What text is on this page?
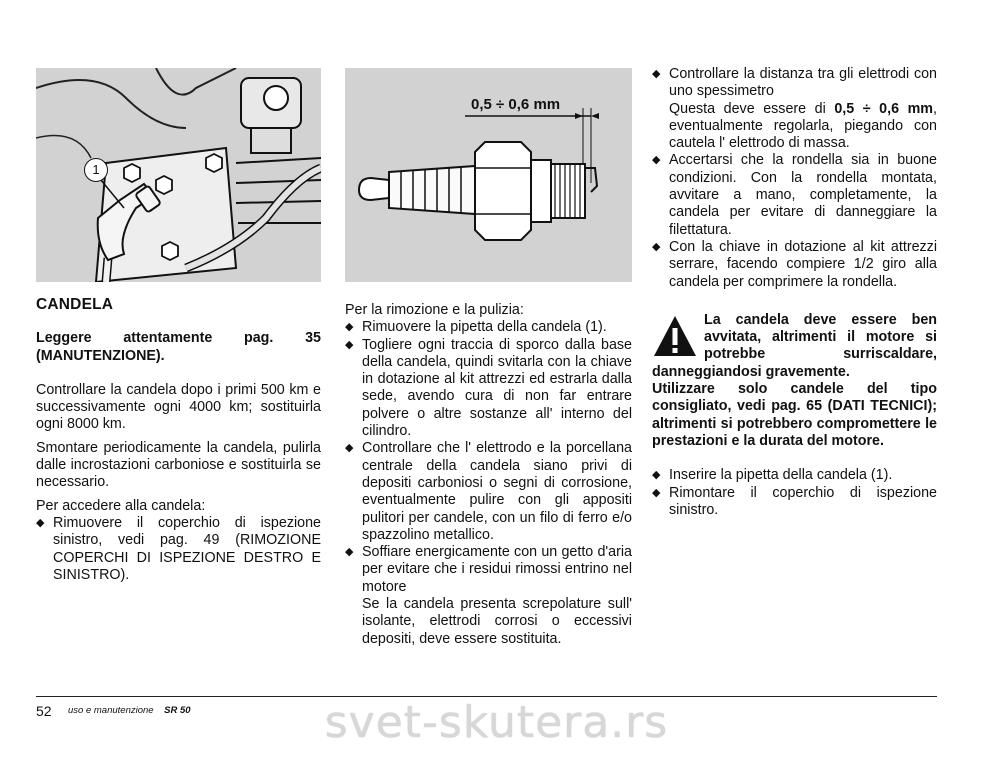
1
0,5 ÷ 0,6 mm
CANDELA
Leggere attentamente pag. 35 (MANUTENZIONE).
Controllare la candela dopo i primi 500 km e successivamente ogni 4000 km; sostituirla ogni 8000 km.
Smontare periodicamente la candela, pulirla dalle incrostazioni carboniose e sostituirla se necessario.
Per accedere alla candela:
◆ Rimuovere il coperchio di ispezione sinistro, vedi pag. 49 (RIMOZIONE COPERCHI DI ISPEZIONE DESTRO E SINISTRO).
Per la rimozione e la pulizia:
◆ Rimuovere la pipetta della candela (1).
◆ Togliere ogni traccia di sporco dalla base della candela, quindi svitarla con la chiave in dotazione al kit attrezzi ed estrarla dalla sede, avendo cura di non far entrare polvere o altre sostanze all' interno del cilindro.
◆ Controllare che l' elettrodo e la porcellana centrale della candela siano privi di depositi carboniosi o segni di corrosione, eventualmente pulire con gli appositi pulitori per candele, con un filo di ferro e/o spazzolino metallico.
◆ Soffiare energicamente con un getto d'aria per evitare che i residui rimossi entrino nel motore
Se la candela presenta screpolature sull' isolante, elettrodi corrosi o eccessivi depositi, deve essere sostituita.
◆ Controllare la distanza tra gli elettrodi con uno spessimetro
Questa deve essere di 0,5 ÷ 0,6 mm, eventualmente regolarla, piegando con cautela l' elettrodo di massa.
◆ Accertarsi che la rondella sia in buone condizioni. Con la rondella montata, avvitare a mano, completamente, la candela per evitare di danneggiare la filettatura.
◆ Con la chiave in dotazione al kit attrezzi serrare, facendo compiere 1/2 giro alla candela per comprimere la rondella.
La candela deve essere ben avvitata, altrimenti il motore si potrebbe surriscaldare, danneggiandosi gravemente.
Utilizzare solo candele del tipo consigliato, vedi pag. 65 (DATI TECNICI); altrimenti si potrebbero compromettere le prestazioni e la durata del motore.
◆ Inserire la pipetta della candela (1).
◆ Rimontare il coperchio di ispezione sinistro.
52 uso e manutenzione SR 50	svet-skutera.rs
